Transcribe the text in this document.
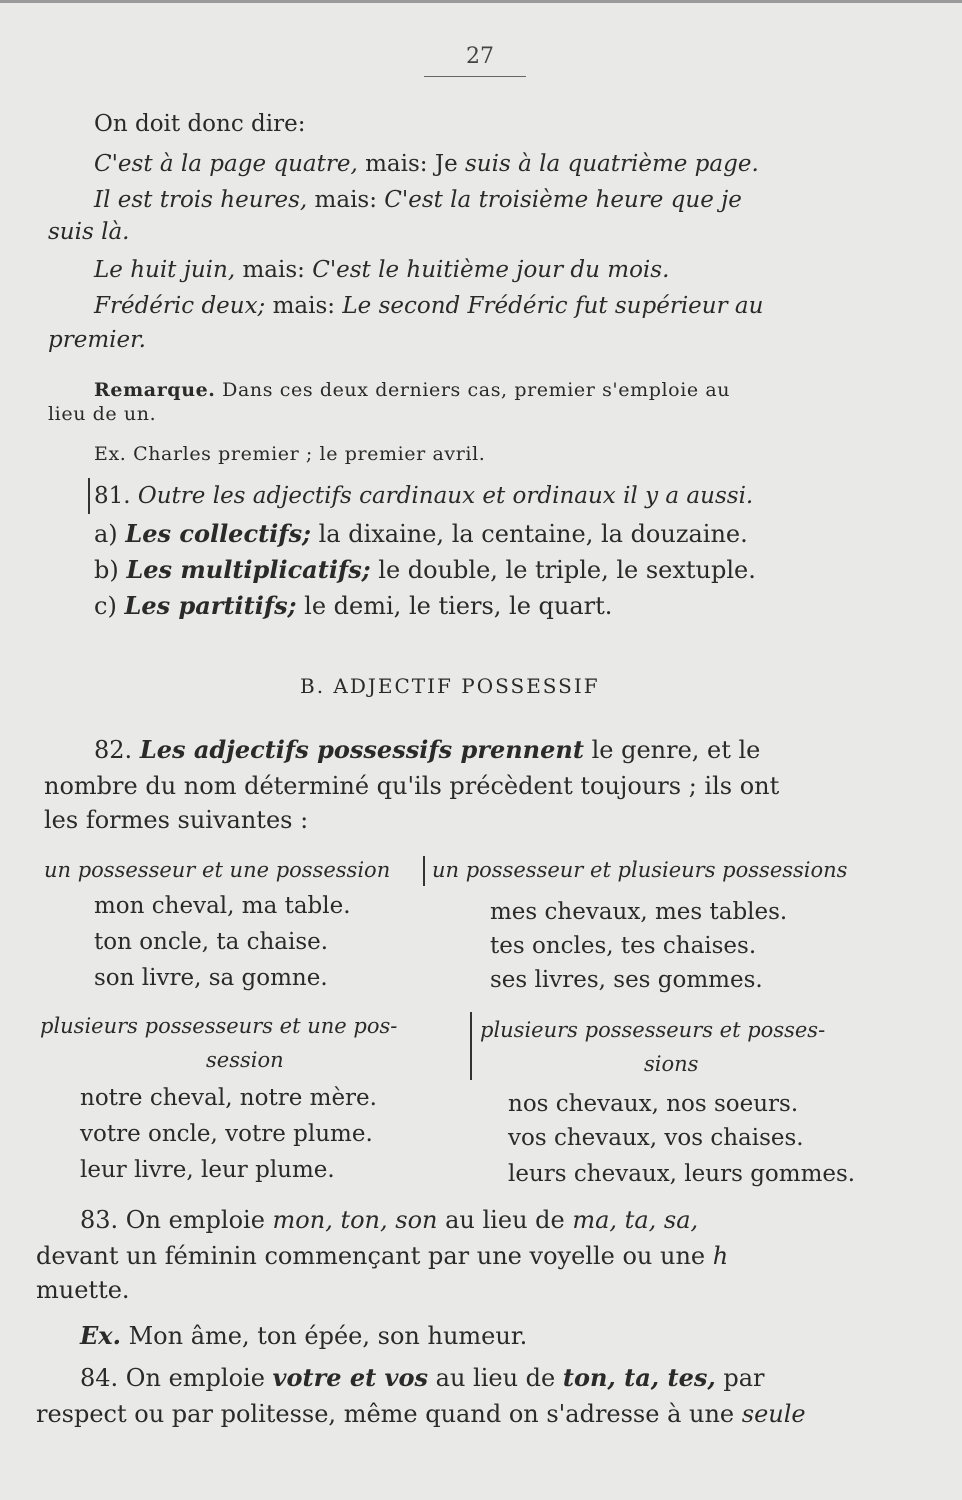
27
On doit donc dire:
C'est à la page quatre, mais: Je suis à la quatrième page.
Il est trois heures, mais: C'est la troisième heure que je
suis là.
Le huit juin, mais: C'est le huitième jour du mois.
Frédéric deux; mais: Le second Frédéric fut supérieur au
premier.
Remarque. Dans ces deux derniers cas, premier s'emploie au
lieu de un.
Ex. Charles premier ; le premier avril.
81. Outre les adjectifs cardinaux et ordinaux il y a aussi.
a) Les collectifs; la dixaine, la centaine, la douzaine.
b) Les multiplicatifs; le double, le triple, le sextuple.
c) Les partitifs; le demi, le tiers, le quart.
B. ADJECTIF POSSESSIF
82. Les adjectifs possessifs prennent le genre, et le
nombre du nom déterminé qu'ils précèdent toujours ; ils ont
les formes suivantes :
un possesseur et une possession un possesseur et plusieurs possessions
mon cheval, ma table.
ton oncle, ta chaise.
son livre, sa gomne.
mes chevaux, mes tables.
tes oncles, tes chaises.
ses livres, ses gommes.
plusieurs possesseurs et une pos-
session
plusieurs possesseurs et posses-
sions
notre cheval, notre mère.
votre oncle, votre plume.
leur livre, leur plume.
nos chevaux, nos soeurs.
vos chevaux, vos chaises.
leurs chevaux, leurs gommes.
83. On emploie mon, ton, son au lieu de ma, ta, sa,
devant un féminin commençant par une voyelle ou une h
muette.
Ex. Mon âme, ton épée, son humeur.
84. On emploie votre et vos au lieu de ton, ta, tes, par
respect ou par politesse, même quand on s'adresse à une seule
